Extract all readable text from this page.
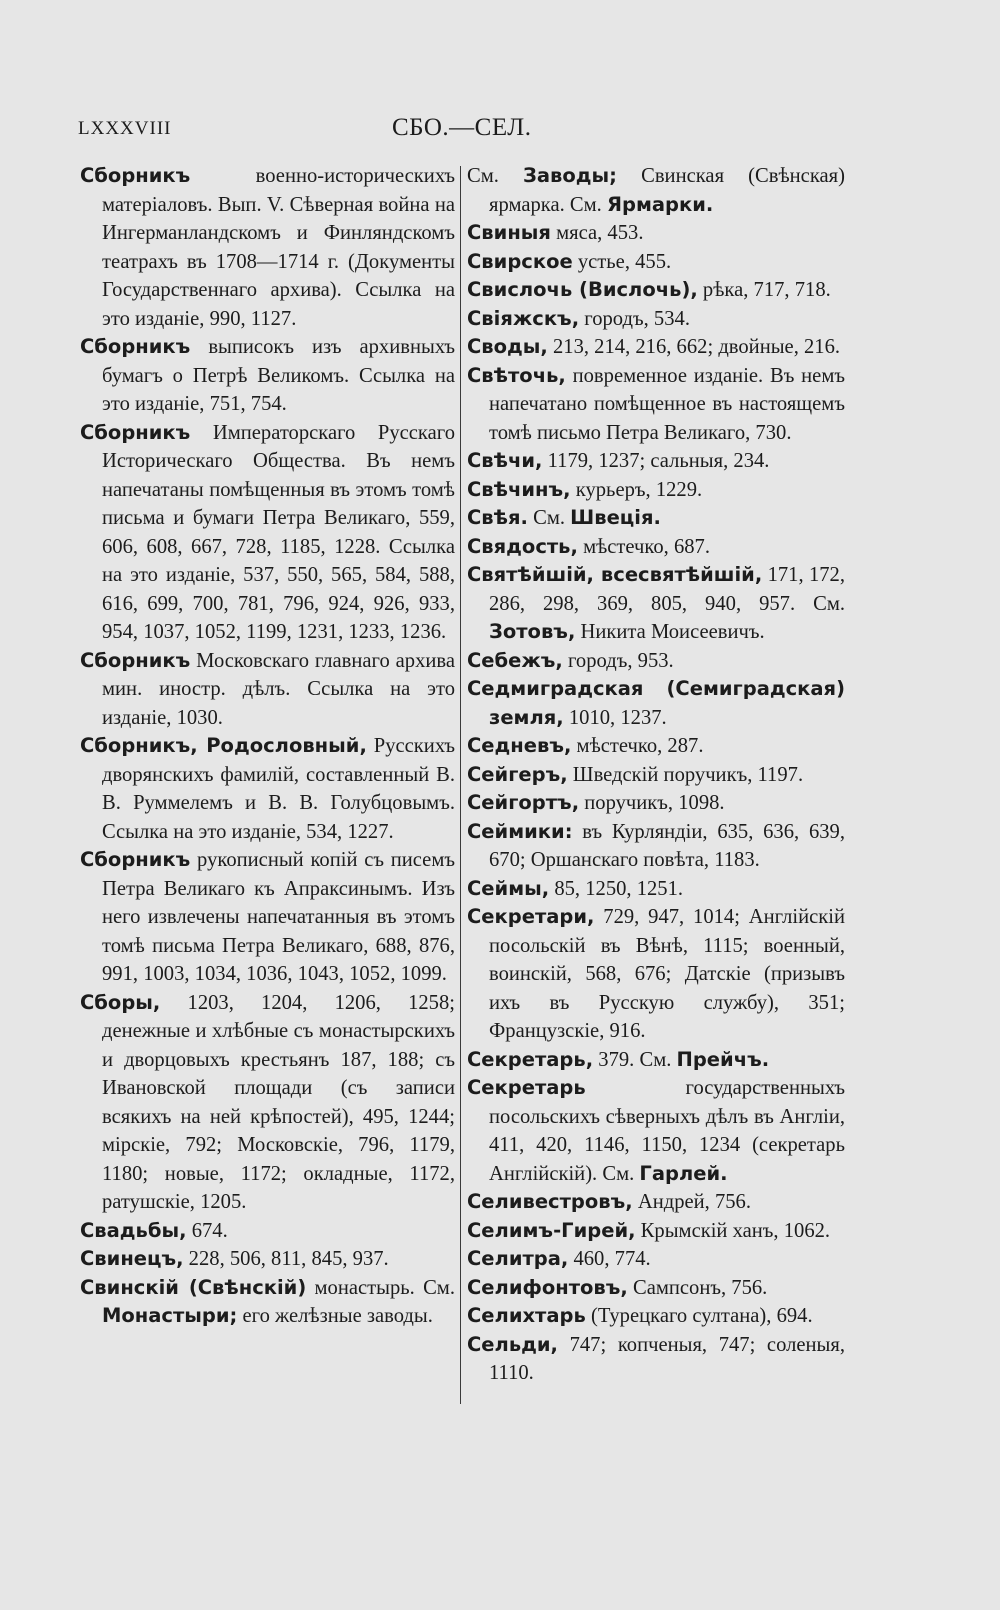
LXXXVIII	СБО.—СЕЛ.

Сборникъ военно-историческихъ матеріаловъ. Вып. V. Сѣверная война на Ингерманландскомъ и Финляндскомъ театрахъ въ 1708—1714 г. (Документы Государственнаго архива). Ссылка на это изданіе, 990, 1127.

Сборникъ выписокъ изъ архивныхъ бумагъ о Петрѣ Великомъ. Ссылка на это изданіе, 751, 754.

Сборникъ Императорскаго Русскаго Историческаго Общества. Въ немъ напечатаны помѣщенныя въ этомъ томѣ письма и бумаги Петра Великаго, 559, 606, 608, 667, 728, 1185, 1228. Ссылка на это изданіе, 537, 550, 565, 584, 588, 616, 699, 700, 781, 796, 924, 926, 933, 954, 1037, 1052, 1199, 1231, 1233, 1236.

Сборникъ Московскаго главнаго архива мин. иностр. дѣлъ. Ссылка на это изданіе, 1030.

Сборникъ, Родословный, Русскихъ дворянскихъ фамилій, составленный В. В. Руммелемъ и В. В. Голубцовымъ. Ссылка на это изданіе, 534, 1227.

Сборникъ рукописный копій съ писемъ Петра Великаго къ Апраксинымъ. Изъ него извлечены напечатанныя въ этомъ томѣ письма Петра Великаго, 688, 876, 991, 1003, 1034, 1036, 1043, 1052, 1099.

Сборы, 1203, 1204, 1206, 1258; денежные и хлѣбные съ монастырскихъ и дворцовыхъ крестьянъ 187, 188; съ Ивановской площади (съ записи всякихъ на ней крѣпостей), 495, 1244; мірскіе, 792; Московскіе, 796, 1179, 1180; новые, 1172; окладные, 1172, ратушскіе, 1205.

Свадьбы, 674.

Свинецъ, 228, 506, 811, 845, 937.

Свинскій (Свѣнскій) монастырь. См. Монастыри; его желѣзные заводы.

См. Заводы; Свинская (Свѣнская) ярмарка. См. Ярмарки.

Свиныя мяса, 453.

Свирское устье, 455.

Свислочь (Вислочь), рѣка, 717, 718.

Свіяжскъ, городъ, 534.

Своды, 213, 214, 216, 662; двойные, 216.

Свѣточь, повременное изданіе. Въ немъ напечатано помѣщенное въ настоящемъ томѣ письмо Петра Великаго, 730.

Свѣчи, 1179, 1237; сальныя, 234.

Свѣчинъ, курьеръ, 1229.

Свѣя. См. Швеція.

Свядость, мѣстечко, 687.

Святѣйшій, всесвятѣйшій, 171, 172, 286, 298, 369, 805, 940, 957. См. Зотовъ, Никита Моисеевичъ.

Себежъ, городъ, 953.

Седмиградская (Семиградская) земля, 1010, 1237.

Седневъ, мѣстечко, 287.

Сейгеръ, Шведскій поручикъ, 1197.

Сейгортъ, поручикъ, 1098.

Сеймики: въ Курляндіи, 635, 636, 639, 670; Оршанскаго повѣта, 1183.

Сеймы, 85, 1250, 1251.

Секретари, 729, 947, 1014; Англійскій посольскій въ Вѣнѣ, 1115; военный, воинскій, 568, 676; Датскіе (призывъ ихъ въ Русскую службу), 351; Французскіе, 916.

Секретарь, 379. См. Прейчъ.

Секретарь государственныхъ посольскихъ сѣверныхъ дѣлъ въ Англіи, 411, 420, 1146, 1150, 1234 (секретарь Англійскій). См. Гарлей.

Селивестровъ, Андрей, 756.

Селимъ-Гирей, Крымскій ханъ, 1062.

Селитра, 460, 774.

Селифонтовъ, Сампсонъ, 756.

Селихтарь (Турецкаго султана), 694.

Сельди, 747; копченыя, 747; соленыя, 1110.
